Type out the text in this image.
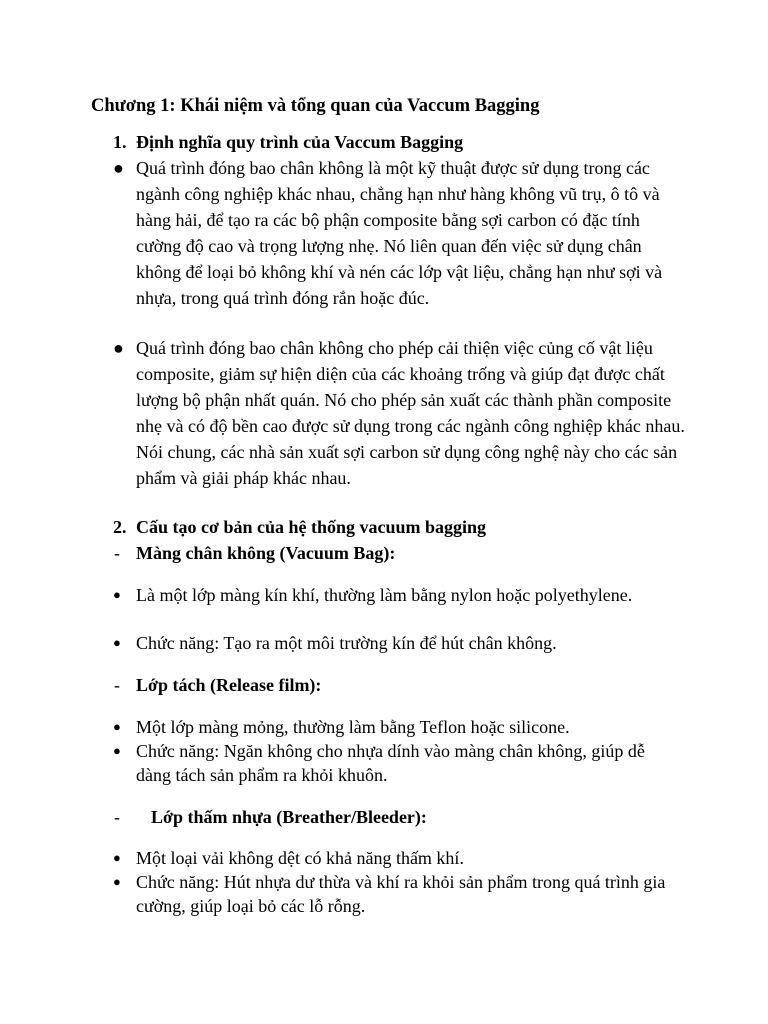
Chương 1: Khái niệm và tổng quan của Vaccum Bagging
1. Định nghĩa quy trình của Vaccum Bagging
● Quá trình đóng bao chân không là một kỹ thuật được sử dụng trong các ngành công nghiệp khác nhau, chẳng hạn như hàng không vũ trụ, ô tô và hàng hải, để tạo ra các bộ phận composite bằng sợi carbon có đặc tính cường độ cao và trọng lượng nhẹ. Nó liên quan đến việc sử dụng chân không để loại bỏ không khí và nén các lớp vật liệu, chẳng hạn như sợi và nhựa, trong quá trình đóng rắn hoặc đúc.
● Quá trình đóng bao chân không cho phép cải thiện việc củng cố vật liệu composite, giảm sự hiện diện của các khoảng trống và giúp đạt được chất lượng bộ phận nhất quán. Nó cho phép sản xuất các thành phần composite nhẹ và có độ bền cao được sử dụng trong các ngành công nghiệp khác nhau. Nói chung, các nhà sản xuất sợi carbon sử dụng công nghệ này cho các sản phẩm và giải pháp khác nhau.
2. Cấu tạo cơ bản của hệ thống vacuum bagging
- Màng chân không (Vacuum Bag):
● Là một lớp màng kín khí, thường làm bằng nylon hoặc polyethylene.
● Chức năng: Tạo ra một môi trường kín để hút chân không.
- Lớp tách (Release film):
● Một lớp màng mỏng, thường làm bằng Teflon hoặc silicone.
● Chức năng: Ngăn không cho nhựa dính vào màng chân không, giúp dễ dàng tách sản phẩm ra khỏi khuôn.
- Lớp thấm nhựa (Breather/Bleeder):
● Một loại vải không dệt có khả năng thấm khí.
● Chức năng: Hút nhựa dư thừa và khí ra khỏi sản phẩm trong quá trình gia cường, giúp loại bỏ các lỗ rỗng.
